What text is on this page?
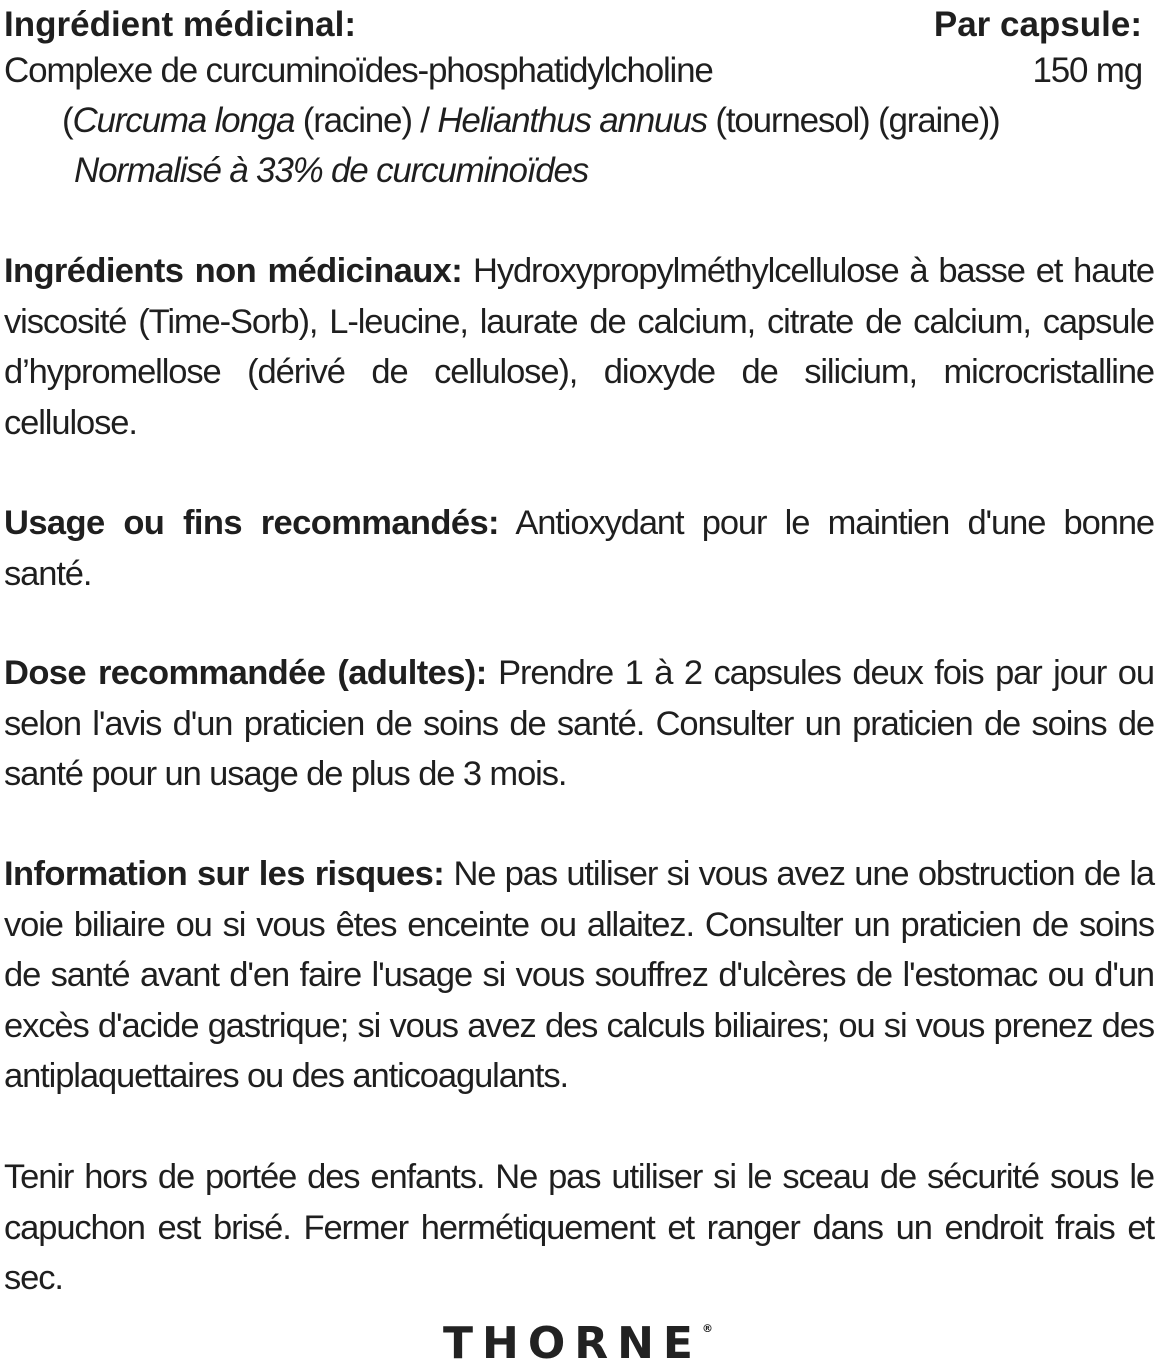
Ingrédient médicinal:	Par capsule:
Complexe de curcuminoïdes-phosphatidylcholine	150 mg
(Curcuma longa (racine) / Helianthus annuus (tournesol) (graine))
Normalisé à 33% de curcuminoïdes
Ingrédients non médicinaux: Hydroxypropylméthylcellulose à basse et haute viscosité (Time-Sorb), L-leucine, laurate de calcium, citrate de calcium, capsule d’hypromellose (dérivé de cellulose), dioxyde de silicium, microcristalline cellulose.
Usage ou fins recommandés: Antioxydant pour le maintien d'une bonne santé.
Dose recommandée (adultes): Prendre 1 à 2 capsules deux fois par jour ou selon l'avis d'un praticien de soins de santé. Consulter un praticien de soins de santé pour un usage de plus de 3 mois.
Information sur les risques: Ne pas utiliser si vous avez une obstruction de la voie biliaire ou si vous êtes enceinte ou allaitez. Consulter un praticien de soins de santé avant d'en faire l'usage si vous souffrez d'ulcères de l'estomac ou d'un excès d'acide gastrique; si vous avez des calculs biliaires; ou si vous prenez des antiplaquettaires ou des anticoagulants.
Tenir hors de portée des enfants. Ne pas utiliser si le sceau de sécurité sous le capuchon est brisé. Fermer hermétiquement et ranger dans un endroit frais et sec.
THORNE®
